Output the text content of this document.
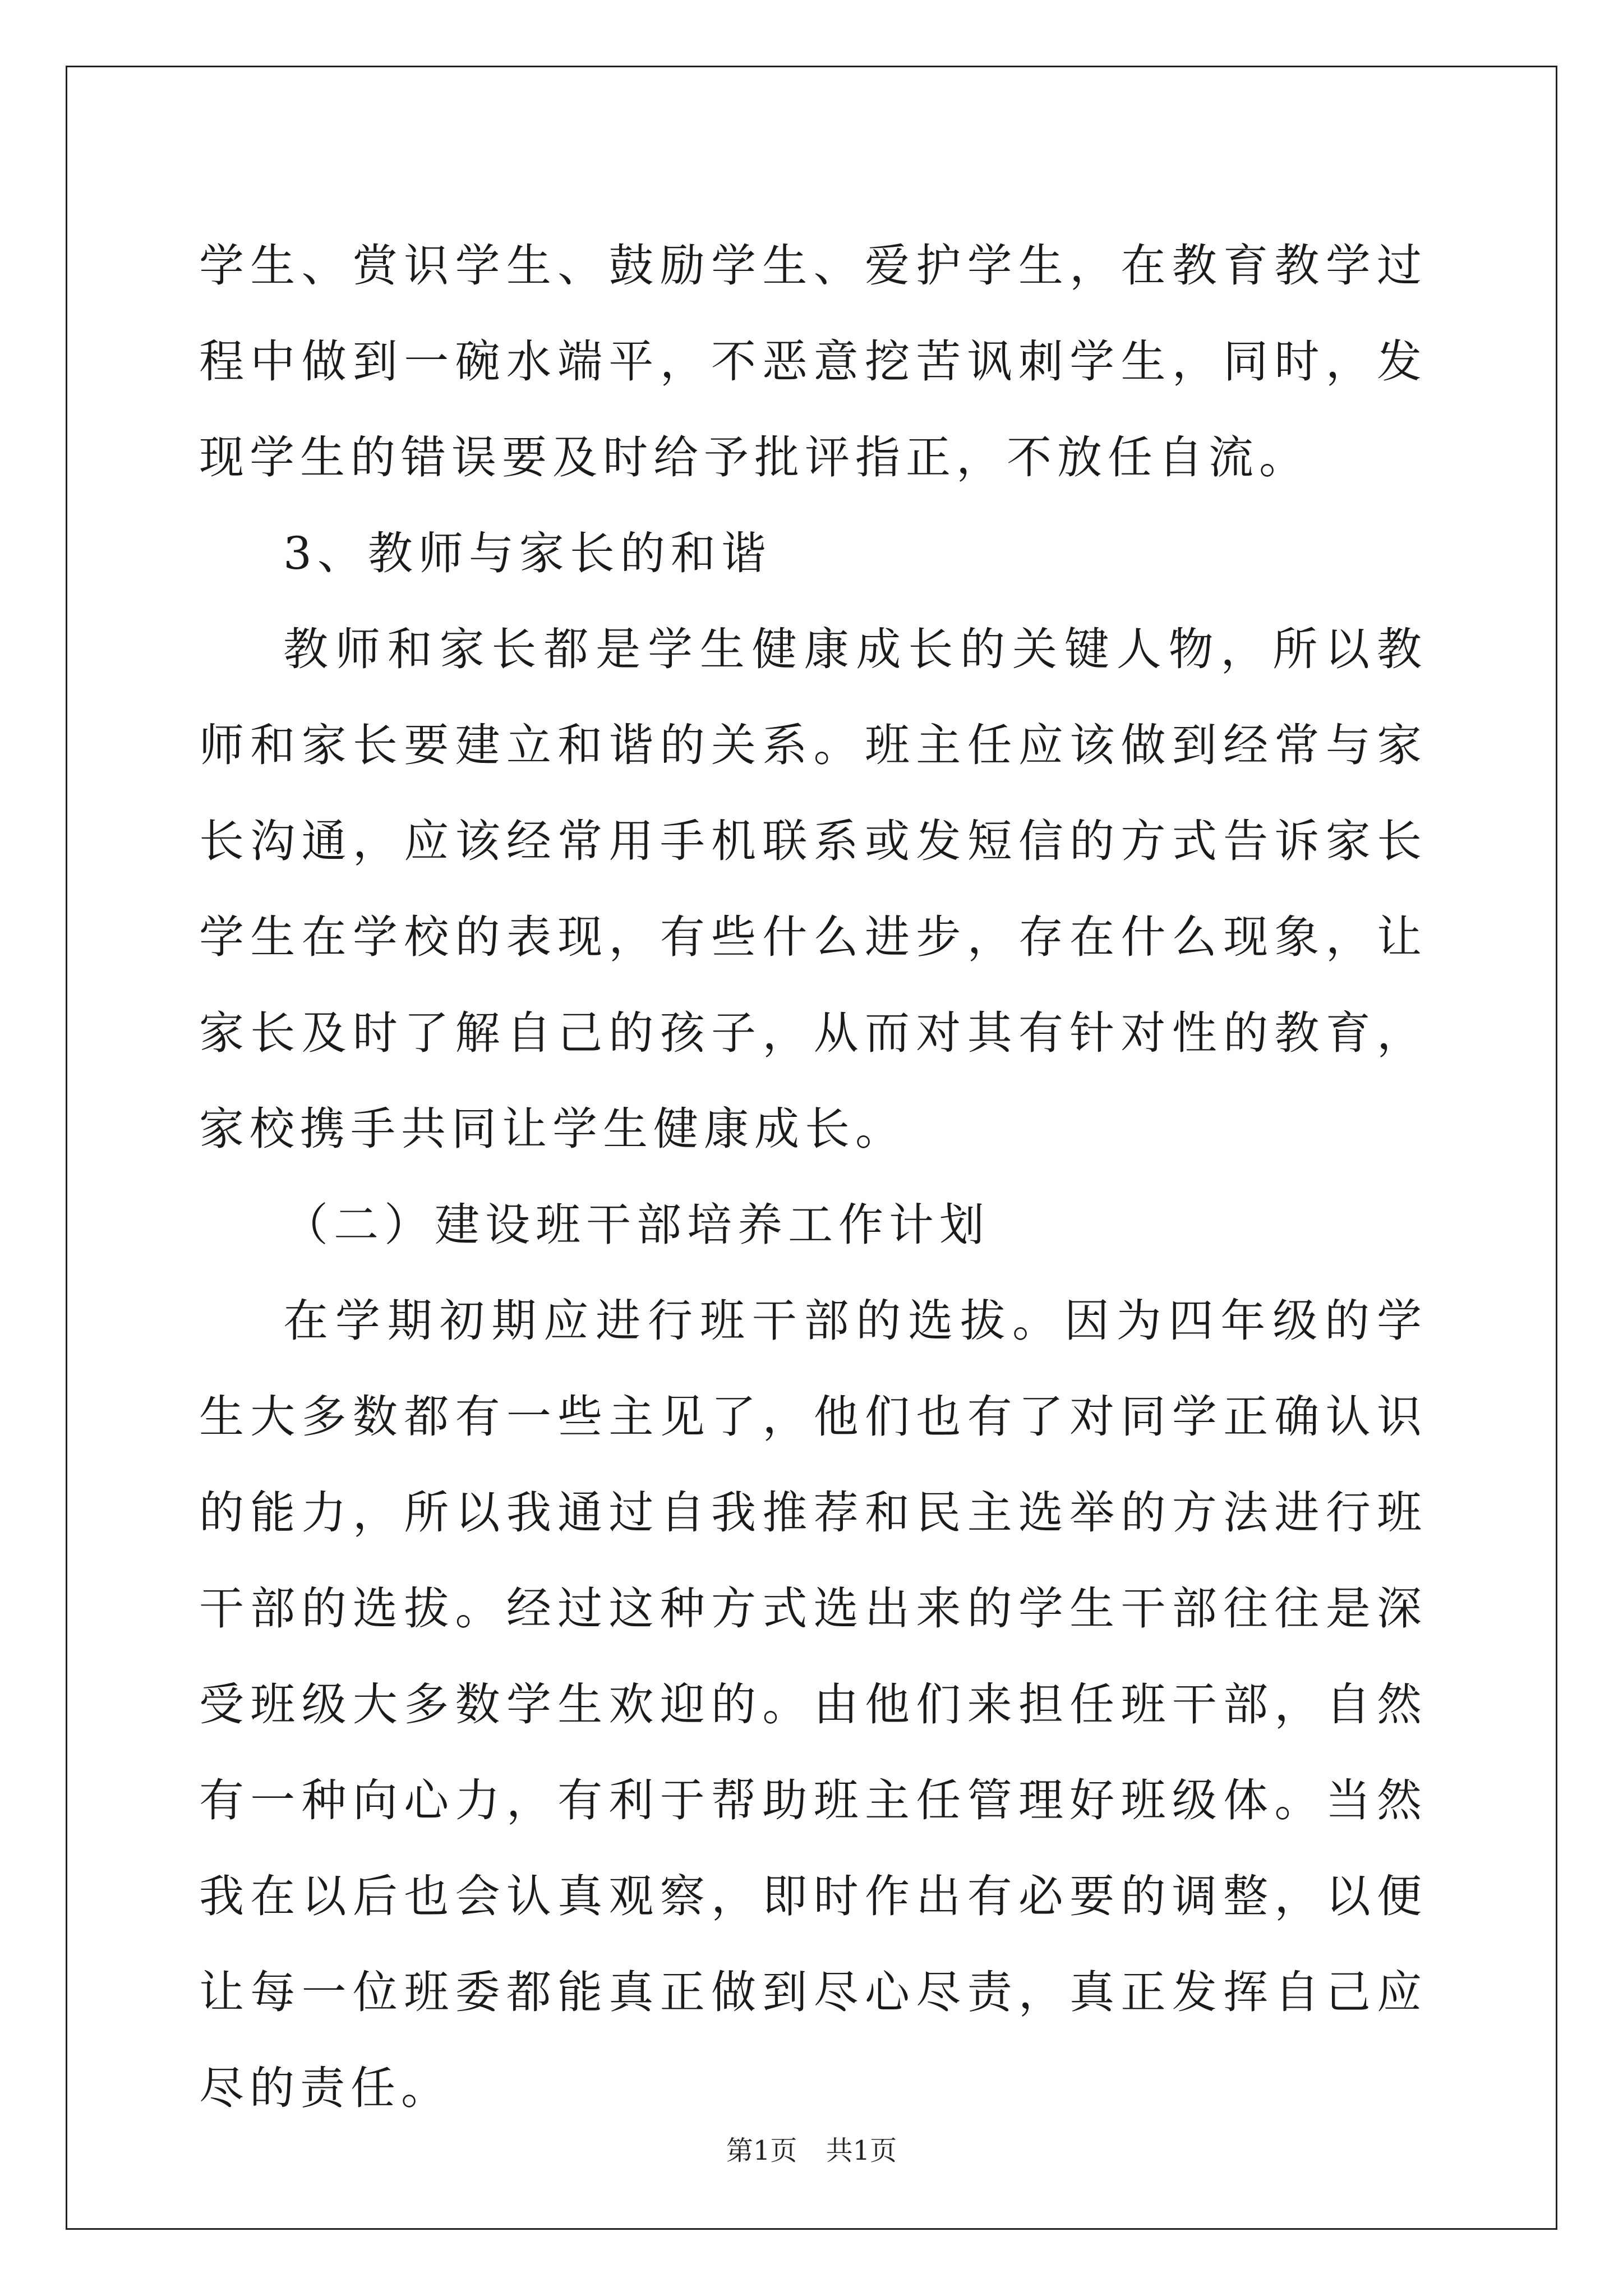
学生、赏识学生、鼓励学生、爱护学生，在教育教学过程中做到一碗水端平，不恶意挖苦讽刺学生，同时，发现学生的错误要及时给予批评指正，不放任自流。

3、教师与家长的和谐

教师和家长都是学生健康成长的关键人物，所以教师和家长要建立和谐的关系。班主任应该做到经常与家长沟通，应该经常用手机联系或发短信的方式告诉家长学生在学校的表现，有些什么进步，存在什么现象，让家长及时了解自己的孩子，从而对其有针对性的教育，家校携手共同让学生健康成长。

（二）建设班干部培养工作计划

在学期初期应进行班干部的选拔。因为四年级的学生大多数都有一些主见了，他们也有了对同学正确认识的能力，所以我通过自我推荐和民主选举的方法进行班干部的选拔。经过这种方式选出来的学生干部往往是深受班级大多数学生欢迎的。由他们来担任班干部，自然有一种向心力，有利于帮助班主任管理好班级体。当然我在以后也会认真观察，即时作出有必要的调整，以便让每一位班委都能真正做到尽心尽责，真正发挥自己应尽的责任。

第1页 共1页
